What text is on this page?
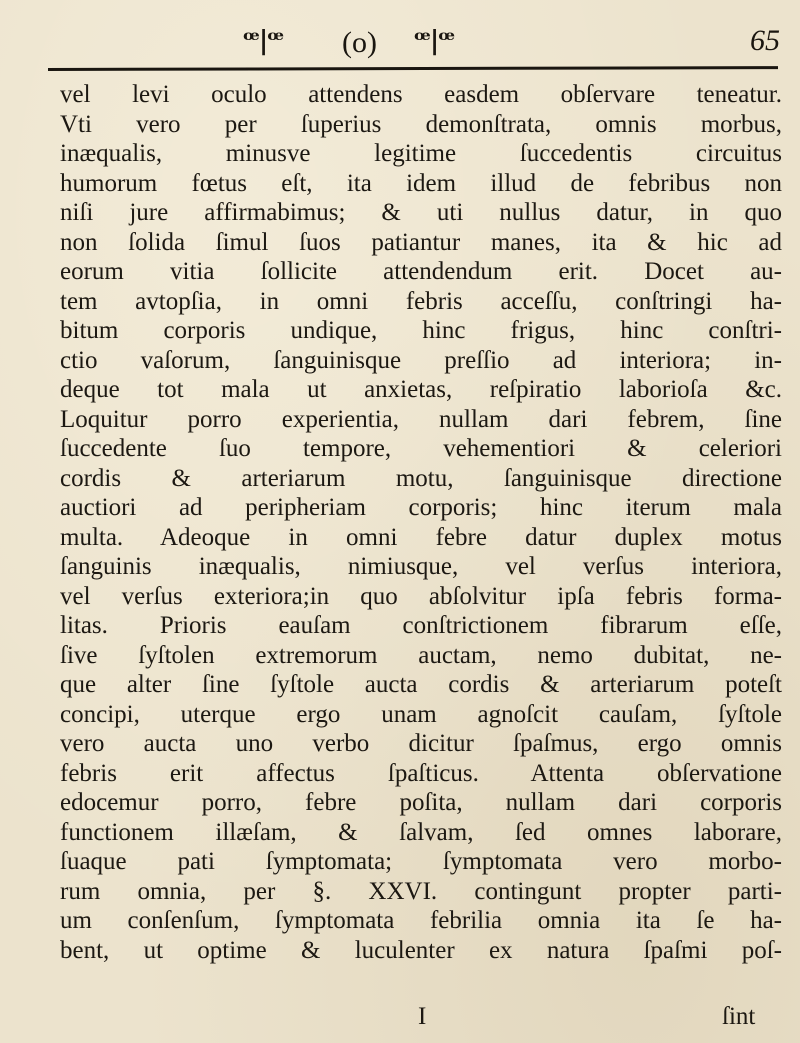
ꟹ|ꟹ (o) ꟹ|ꟹ	65
vel levi oculo attendens easdem obſervare teneatur.
Vti vero per ſuperius demonſtrata, omnis morbus,
inæqualis, minusve legitime ſuccedentis circuitus
humorum fœtus eſt, ita idem illud de febribus non
niſi jure affirmabimus; & uti nullus datur, in quo
non ſolida ſimul ſuos patiantur manes, ita & hic ad
eorum vitia ſollicite attendendum erit. Docet au-
tem avtopſia, in omni febris acceſſu, conſtringi ha-
bitum corporis undique, hinc frigus, hinc conſtri-
ctio vaſorum, ſanguinisque preſſio ad interiora; in-
deque tot mala ut anxietas, reſpiratio laborioſa &c.
Loquitur porro experientia, nullam dari febrem, ſine
ſuccedente ſuo tempore, vehementiori & celeriori
cordis & arteriarum motu, ſanguinisque directione
auctiori ad peripheriam corporis; hinc iterum mala
multa. Adeoque in omni febre datur duplex motus
ſanguinis inæqualis, nimiusque, vel verſus interiora,
vel verſus exteriora;in quo abſolvitur ipſa febris forma-
litas. Prioris eauſam conſtrictionem fibrarum eſſe,
ſive ſyſtolen extremorum auctam, nemo dubitat, ne-
que alter ſine ſyſtole aucta cordis & arteriarum poteſt
concipi, uterque ergo unam agnoſcit cauſam, ſyſtole
vero aucta uno verbo dicitur ſpaſmus, ergo omnis
febris erit affectus ſpaſticus. Attenta obſervatione
edocemur porro, febre poſita, nullam dari corporis
functionem illæſam, & ſalvam, ſed omnes laborare,
ſuaque pati ſymptomata; ſymptomata vero morbo-
rum omnia, per §. XXVI. contingunt propter parti-
um conſenſum, ſymptomata febrilia omnia ita ſe ha-
bent, ut optime & luculenter ex natura ſpaſmi poſ-
I	ſint
